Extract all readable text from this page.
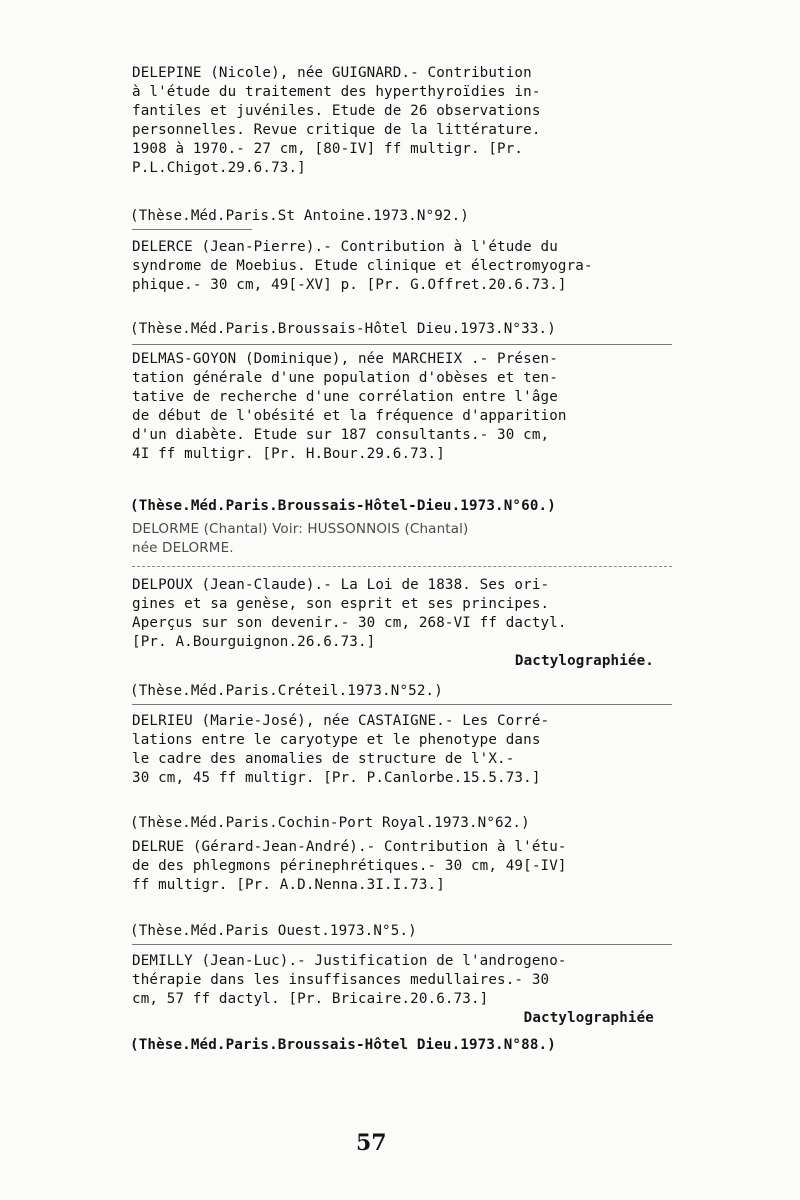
DELEPINE (Nicole), née GUIGNARD.- Contribution
à l'étude du traitement des hyperthyroïdies in-
fantiles et juvéniles. Etude de 26 observations
personnelles. Revue critique de la littérature.
1908 à 1970.- 27 cm, [80-IV] ff multigr. [Pr.
P.L.Chigot.29.6.73.]
(Thèse.Méd.Paris.St Antoine.1973.N°92.)
DELERCE (Jean-Pierre).- Contribution à l'étude du
syndrome de Moebius. Etude clinique et électromyogra-
phique.- 30 cm, 49[-XV] p. [Pr. G.Offret.20.6.73.]
(Thèse.Méd.Paris.Broussais-Hôtel Dieu.1973.N°33.)
DELMAS-GOYON (Dominique), née MARCHEIX .- Présen-
tation générale d'une population d'obèses et ten-
tative de recherche d'une corrélation entre l'âge
de début de l'obésité et la fréquence d'apparition
d'un diabète. Etude sur 187 consultants.- 30 cm,
4I ff multigr. [Pr. H.Bour.29.6.73.]
(Thèse.Méd.Paris.Broussais-Hôtel-Dieu.1973.N°60.)
DELORME (Chantal) Voir: HUSSONNOIS (Chantal)
née DELORME.
DELPOUX (Jean-Claude).- La Loi de 1838. Ses ori-
gines et sa genèse, son esprit et ses principes.
Aperçus sur son devenir.- 30 cm, 268-VI ff dactyl.
[Pr. A.Bourguignon.26.6.73.]
Dactylographiée.
(Thèse.Méd.Paris.Créteil.1973.N°52.)
DELRIEU (Marie-José), née CASTAIGNE.- Les Corré-
lations entre le caryotype et le phenotype dans
le cadre des anomalies de structure de l'X.-
30 cm, 45 ff multigr. [Pr. P.Canlorbe.15.5.73.]
(Thèse.Méd.Paris.Cochin-Port Royal.1973.N°62.)
DELRUE (Gérard-Jean-André).- Contribution à l'étu-
de des phlegmons périnephrétiques.- 30 cm, 49[-IV]
ff multigr. [Pr. A.D.Nenna.3I.I.73.]
(Thèse.Méd.Paris Ouest.1973.N°5.)
DEMILLY (Jean-Luc).- Justification de l'androgeno-
thérapie dans les insuffisances medullaires.- 30
cm, 57 ff dactyl. [Pr. Bricaire.20.6.73.]
Dactylographiée
(Thèse.Méd.Paris.Broussais-Hôtel Dieu.1973.N°88.)
57
